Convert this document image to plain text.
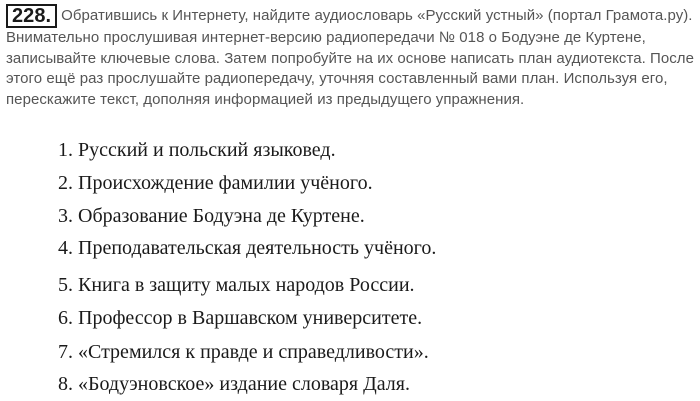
228. Обратившись к Интернету, найдите аудиословарь «Русский устный» (портал Грамота.ру). Внимательно прослушивая интернет-версию радиопередачи № 018 о Бодуэне де Куртене, записывайте ключевые слова. Затем попробуйте на их основе написать план аудиотекста. После этого ещё раз прослушайте радиопередачу, уточняя составленный вами план. Используя его, перескажите текст, дополняя информацией из предыдущего упражнения.
1. Русский и польский языковед.
2. Происхождение фамилии учёного.
3. Образование Бодуэна де Куртене.
4. Преподавательская деятельность учёного.
5. Книга в защиту малых народов России.
6. Профессор в Варшавском университете.
7. «Стремился к правде и справедливости».
8. «Бодуэновское» издание словаря Даля.
